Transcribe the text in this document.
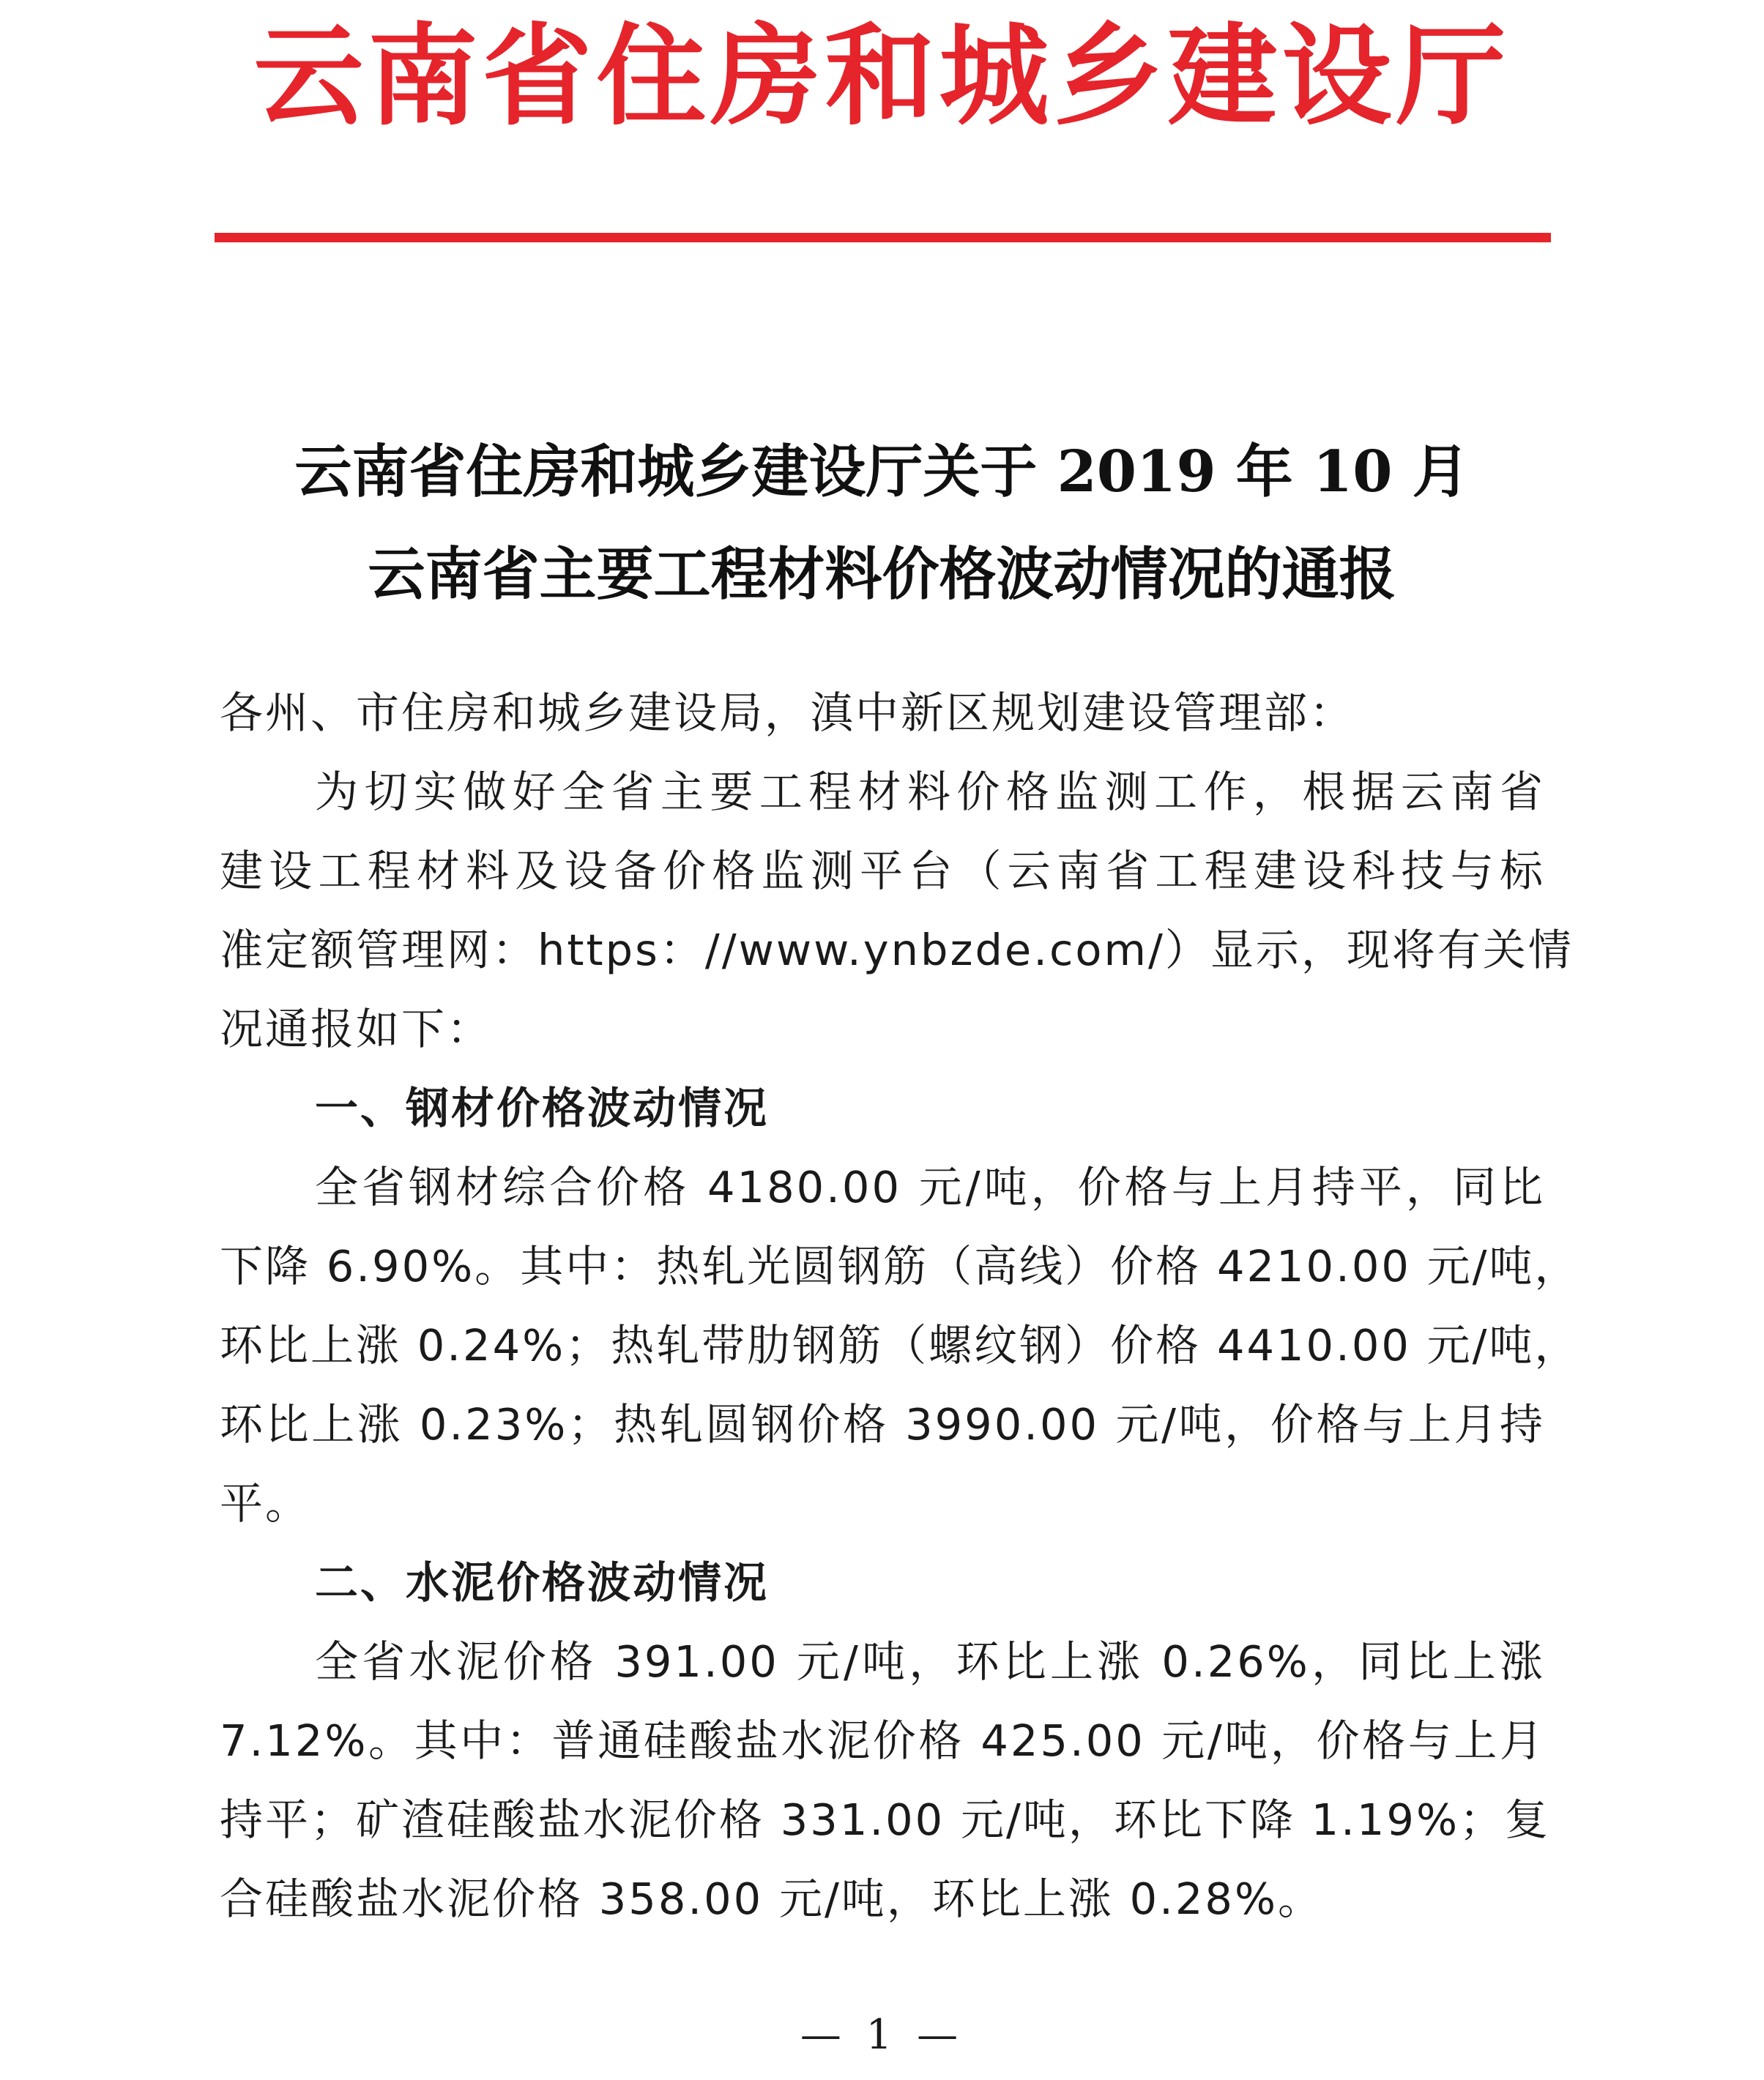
云南省住房和城乡建设厅
云南省住房和城乡建设厅关于 2019 年 10 月
云南省主要工程材料价格波动情况的通报
各州、市住房和城乡建设局，滇中新区规划建设管理部：
为切实做好全省主要工程材料价格监测工作，根据云南省
建设工程材料及设备价格监测平台（云南省工程建设科技与标
准定额管理网：https：//www.ynbzde.com/）显示，现将有关情
况通报如下：
一、钢材价格波动情况
全省钢材综合价格 4180.00 元/吨，价格与上月持平，同比
下降 6.90%。其中：热轧光圆钢筋（高线）价格 4210.00 元/吨，
环比上涨 0.24%；热轧带肋钢筋（螺纹钢）价格 4410.00 元/吨，
环比上涨 0.23%；热轧圆钢价格 3990.00 元/吨，价格与上月持
平。
二、水泥价格波动情况
全省水泥价格 391.00 元/吨，环比上涨 0.26%，同比上涨
7.12%。其中：普通硅酸盐水泥价格 425.00 元/吨，价格与上月
持平；矿渣硅酸盐水泥价格 331.00 元/吨，环比下降 1.19%；复
合硅酸盐水泥价格 358.00 元/吨，环比上涨 0.28%。
— 1 —
